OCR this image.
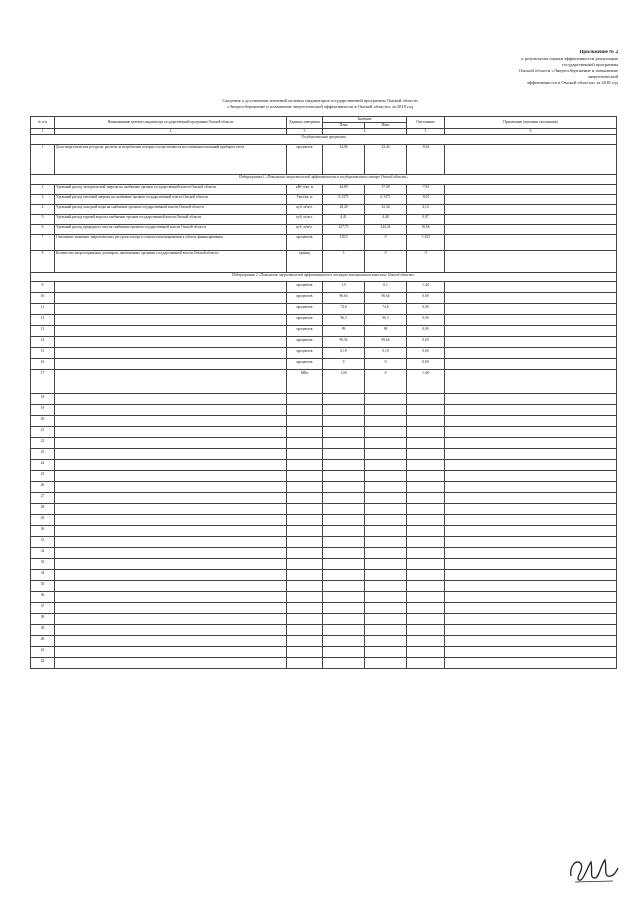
Приложение № 2
к результатам оценки эффективности реализации
государственной программы
Омской области «Энергосбережение и повышение
энергетической
эффективности в Омской области» за 2018 год
Сведения о достижении значений целевых индикаторов государственной программы Омской области
«Энергосбережение и повышение энергетической эффективности в Омской области» за 2018 год
№ п/п	Наименование целевого индикатора государственной программы Омской области	Единица измерения	Значение		Отклонение	Примечание (причины отклонения)	
			План	Факт			
1	2	3	4		5	6	
Государственная программа							
1	Доля энергетических ресурсов, расчеты за потребление которых осуществляются на основании показаний приборов учета	процентов	24,06	23,44	-0,62		
Подпрограмма 1 «Повышение энергетической эффективности в государственном секторе Омской области»							
2	Удельный расход электрической энергии на снабжение органов государственной власти Омской области	кВт·ч/кв. м	44,89	37,08	-7,81		
3	Удельный расход тепловой энергии на снабжение органов государственной власти Омской области	Гкал/кв. м	0,1475	0,1375	-0,01		
4	Удельный расход холодной воды на снабжение органов государственной власти Омской области	куб. м/чел.	28,20	32,34	4,14		
5	Удельный расход горячей воды на снабжение органов государственной власти Омской области	куб. м/чел.	4,41	4,48	0,07		
6	Удельный расход природного газа на снабжение органов государственной власти Омской области	куб. м/чел.	227,75	244,41	16,66		
7	Отношение экономии энергетических ресурсов и воды в стоимостном выражении к объему финансирования	процентов	1,813	0	-1,813		
8	Количество энергосервисных договоров, заключенных органами государственной власти Омской области	единиц	5	0	-5		
Подпрограмма 2 «Повышение энергетической эффективности в жилищно-коммунальном комплексе Омской области»							
9		процентов	1,5	0,1	-1,40		
10		процентов	96,64	96,64	0,00		
11		процентов	74,6	74,6	0,00		
12		процентов	96,3	96,3	0,00		
13		процентов	99	99	0,00		
14		процентов	99,54	99,64	0,00		
15		процентов	0,19	0,19	0,00		
16		процентов	0	0	0,00		
17		МВт	1,00	0	-1,00		
18							
19							
20							
21							
22							
23							
24							
25							
26							
27							
28							
29							
30							
31							
32							
33							
34							
35							
36							
37							
38							
39							
40							
41							
42							
